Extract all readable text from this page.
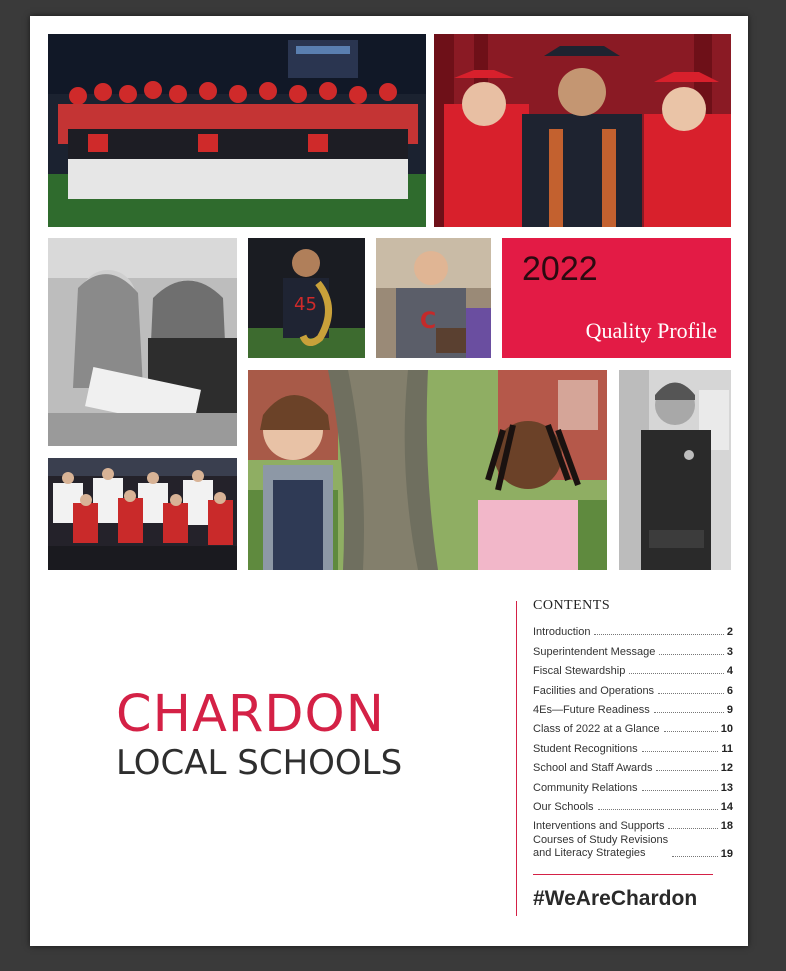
45
C
2022
Quality Profile
CHARDON
LOCAL SCHOOLS
CONTENTS
Introduction	2
Superintendent Message	3
Fiscal Stewardship	4
Facilities and Operations	6
4Es—Future Readiness	9
Class of 2022 at a Glance	10
Student Recognitions	11
School and Staff Awards	12
Community Relations	13
Our Schools	14
Interventions and Supports	18
Courses of Study Revisions
and Literacy Strategies	19
#WeAreChardon
